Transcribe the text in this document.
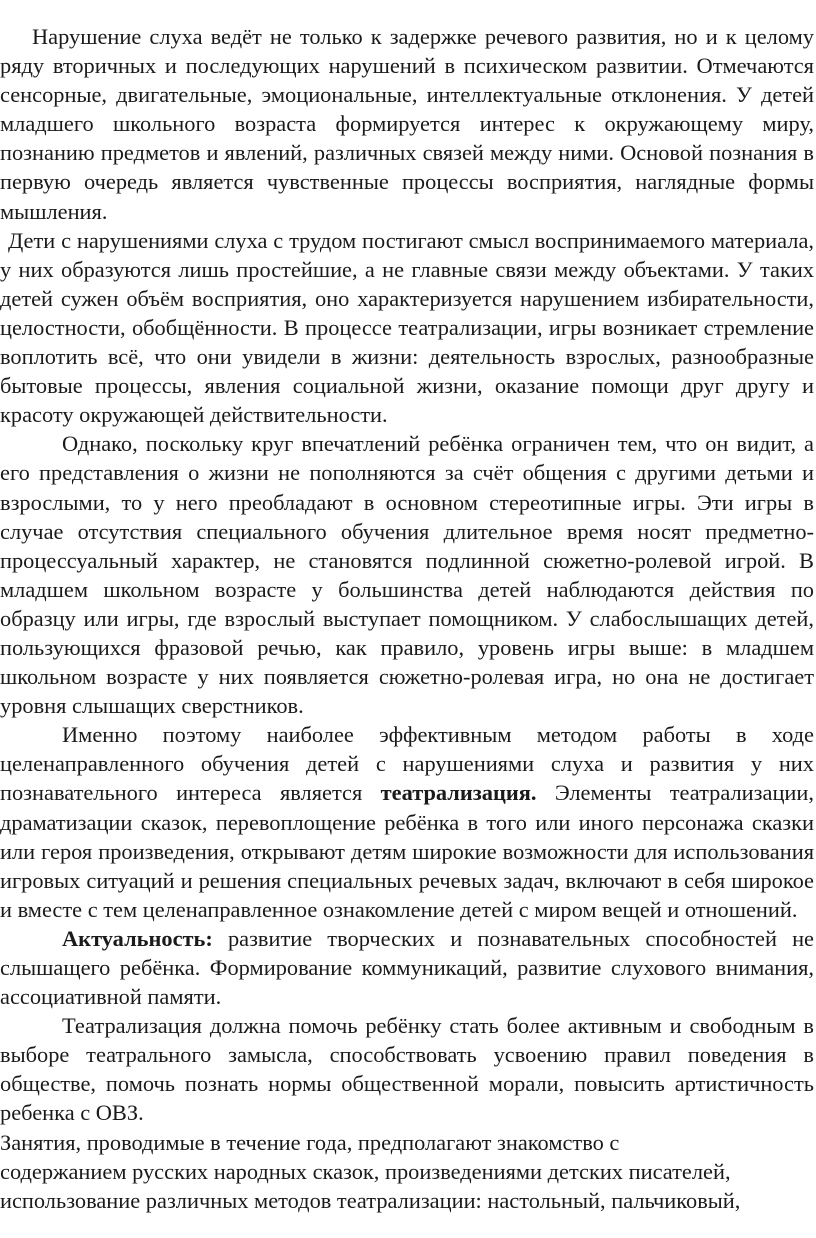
Нарушение слуха ведёт не только к задержке речевого развития, но и к целому ряду вторичных и последующих нарушений в психическом развитии. Отмечаются сенсорные, двигательные, эмоциональные, интеллектуальные отклонения. У детей младшего школьного возраста формируется интерес к окружающему миру, познанию предметов и явлений, различных связей между ними. Основой познания в первую очередь является чувственные процессы восприятия, наглядные формы мышления.

Дети с нарушениями слуха с трудом постигают смысл воспринимаемого материала, у них образуются лишь простейшие, а не главные связи между объектами. У таких детей сужен объём восприятия, оно характеризуется нарушением избирательности, целостности, обобщённости. В процессе театрализации, игры возникает стремление воплотить всё, что они увидели в жизни: деятельность взрослых, разнообразные бытовые процессы, явления социальной жизни, оказание помощи друг другу и красоту окружающей действительности.

Однако, поскольку круг впечатлений ребёнка ограничен тем, что он видит, а его представления о жизни не пополняются за счёт общения с другими детьми и взрослыми, то у него преобладают в основном стереотипные игры. Эти игры в случае отсутствия специального обучения длительное время носят предметно-процессуальный характер, не становятся подлинной сюжетно-ролевой игрой. В младшем школьном возрасте у большинства детей наблюдаются действия по образцу или игры, где взрослый выступает помощником. У слабослышащих детей, пользующихся фразовой речью, как правило, уровень игры выше: в младшем школьном возрасте у них появляется сюжетно-ролевая игра, но она не достигает уровня слышащих сверстников.

Именно поэтому наиболее эффективным методом работы в ходе целенаправленного обучения детей с нарушениями слуха и развития у них познавательного интереса является театрализация. Элементы театрализации, драматизации сказок, перевоплощение ребёнка в того или иного персонажа сказки или героя произведения, открывают детям широкие возможности для использования игровых ситуаций и решения специальных речевых задач, включают в себя широкое и вместе с тем целенаправленное ознакомление детей с миром вещей и отношений.

Актуальность: развитие творческих и познавательных способностей не слышащего ребёнка. Формирование коммуникаций, развитие слухового внимания, ассоциативной памяти.

Театрализация должна помочь ребёнку стать более активным и свободным в выборе театрального замысла, способствовать усвоению правил поведения в обществе, помочь познать нормы общественной морали, повысить артистичность ребенка с ОВЗ.

Занятия, проводимые в течение года, предполагают знакомство с
содержанием русских народных сказок, произведениями детских писателей,
использование различных методов театрализации: настольный, пальчиковый,
